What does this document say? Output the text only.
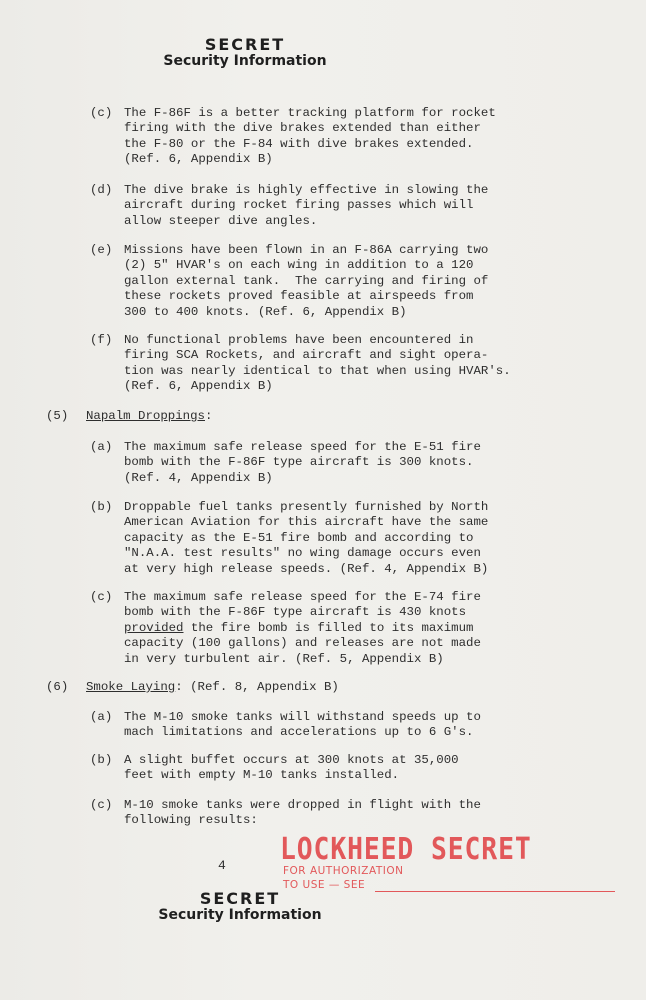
SECRET
Security Information
(c) The F-86F is a better tracking platform for rocket
firing with the dive brakes extended than either
the F-80 or the F-84 with dive brakes extended.
(Ref. 6, Appendix B)
(d) The dive brake is highly effective in slowing the
aircraft during rocket firing passes which will
allow steeper dive angles.
(e) Missions have been flown in an F-86A carrying two
(2) 5" HVAR's on each wing in addition to a 120
gallon external tank.  The carrying and firing of
these rockets proved feasible at airspeeds from
300 to 400 knots. (Ref. 6, Appendix B)
(f) No functional problems have been encountered in
firing SCA Rockets, and aircraft and sight opera-
tion was nearly identical to that when using HVAR's.
(Ref. 6, Appendix B)
(5) Napalm Droppings:
(a) The maximum safe release speed for the E-51 fire
bomb with the F-86F type aircraft is 300 knots.
(Ref. 4, Appendix B)
(b) Droppable fuel tanks presently furnished by North
American Aviation for this aircraft have the same
capacity as the E-51 fire bomb and according to
"N.A.A. test results" no wing damage occurs even
at very high release speeds. (Ref. 4, Appendix B)
(c) The maximum safe release speed for the E-74 fire
bomb with the F-86F type aircraft is 430 knots
provided the fire bomb is filled to its maximum
capacity (100 gallons) and releases are not made
in very turbulent air. (Ref. 5, Appendix B)
(6) Smoke Laying: (Ref. 8, Appendix B)
(a) The M-10 smoke tanks will withstand speeds up to
mach limitations and accelerations up to 6 G's.
(b) A slight buffet occurs at 300 knots at 35,000
feet with empty M-10 tanks installed.
(c) M-10 smoke tanks were dropped in flight with the
following results:
4 LOCKHEED SECRET
FOR AUTHORIZATION
TO USE — SEE
SECRET
Security Information
